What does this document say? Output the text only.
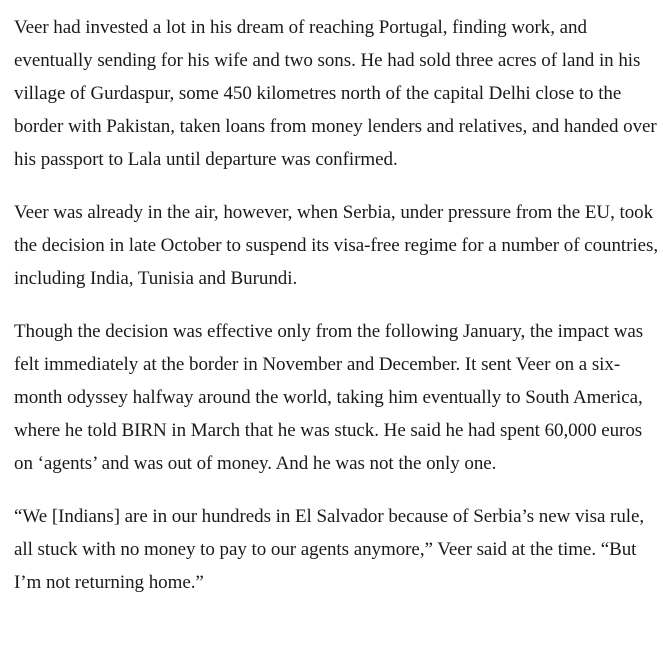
Veer had invested a lot in his dream of reaching Portugal, finding work, and eventually sending for his wife and two sons. He had sold three acres of land in his village of Gurdaspur, some 450 kilometres north of the capital Delhi close to the border with Pakistan, taken loans from money lenders and relatives, and handed over his passport to Lala until departure was confirmed.

Veer was already in the air, however, when Serbia, under pressure from the EU, took the decision in late October to suspend its visa-free regime for a number of countries, including India, Tunisia and Burundi.

Though the decision was effective only from the following January, the impact was felt immediately at the border in November and December. It sent Veer on a six-month odyssey halfway around the world, taking him eventually to South America, where he told BIRN in March that he was stuck. He said he had spent 60,000 euros on ‘agents’ and was out of money. And he was not the only one.

“We [Indians] are in our hundreds in El Salvador because of Serbia’s new visa rule, all stuck with no money to pay to our agents anymore,” Veer said at the time. “But I’m not returning home.”
